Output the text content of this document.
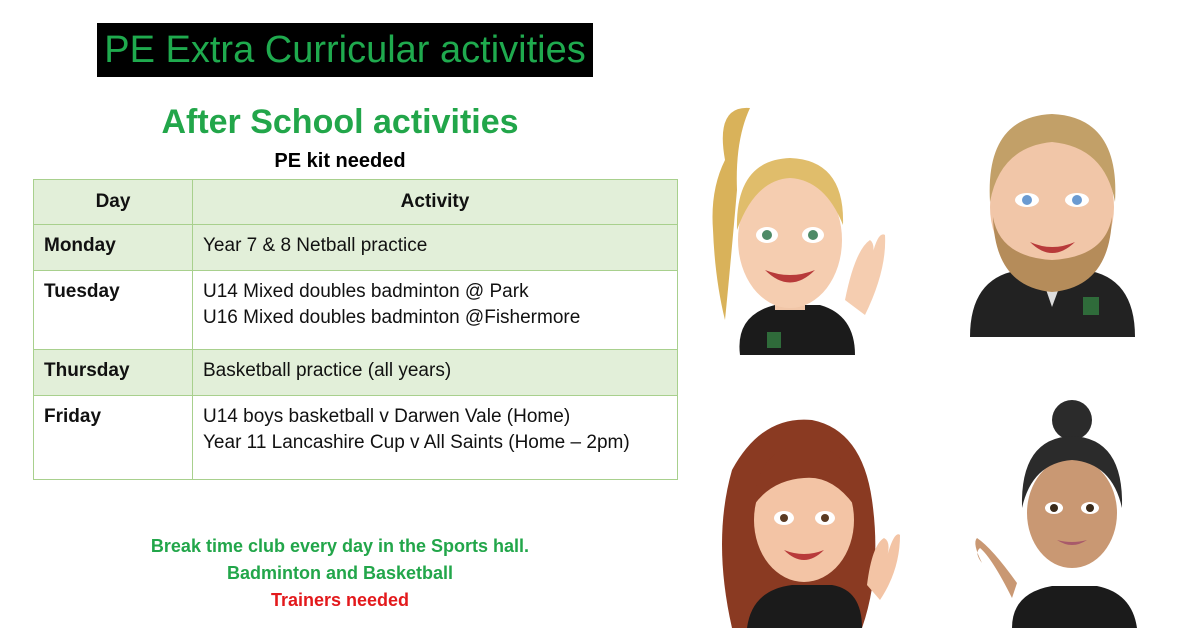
PE Extra Curricular activities
After School activities
PE kit needed
Day	Activity
Monday	Year 7 & 8 Netball practice

Tuesday	U14 Mixed doubles badminton @ Park
U16 Mixed doubles badminton @Fishermore

Thursday	Basketball practice (all years)

Friday	U14 boys basketball v Darwen Vale (Home)
Year 11 Lancashire Cup v All Saints (Home – 2pm)
Break time club every day in the Sports hall.
Badminton and Basketball
Trainers needed
